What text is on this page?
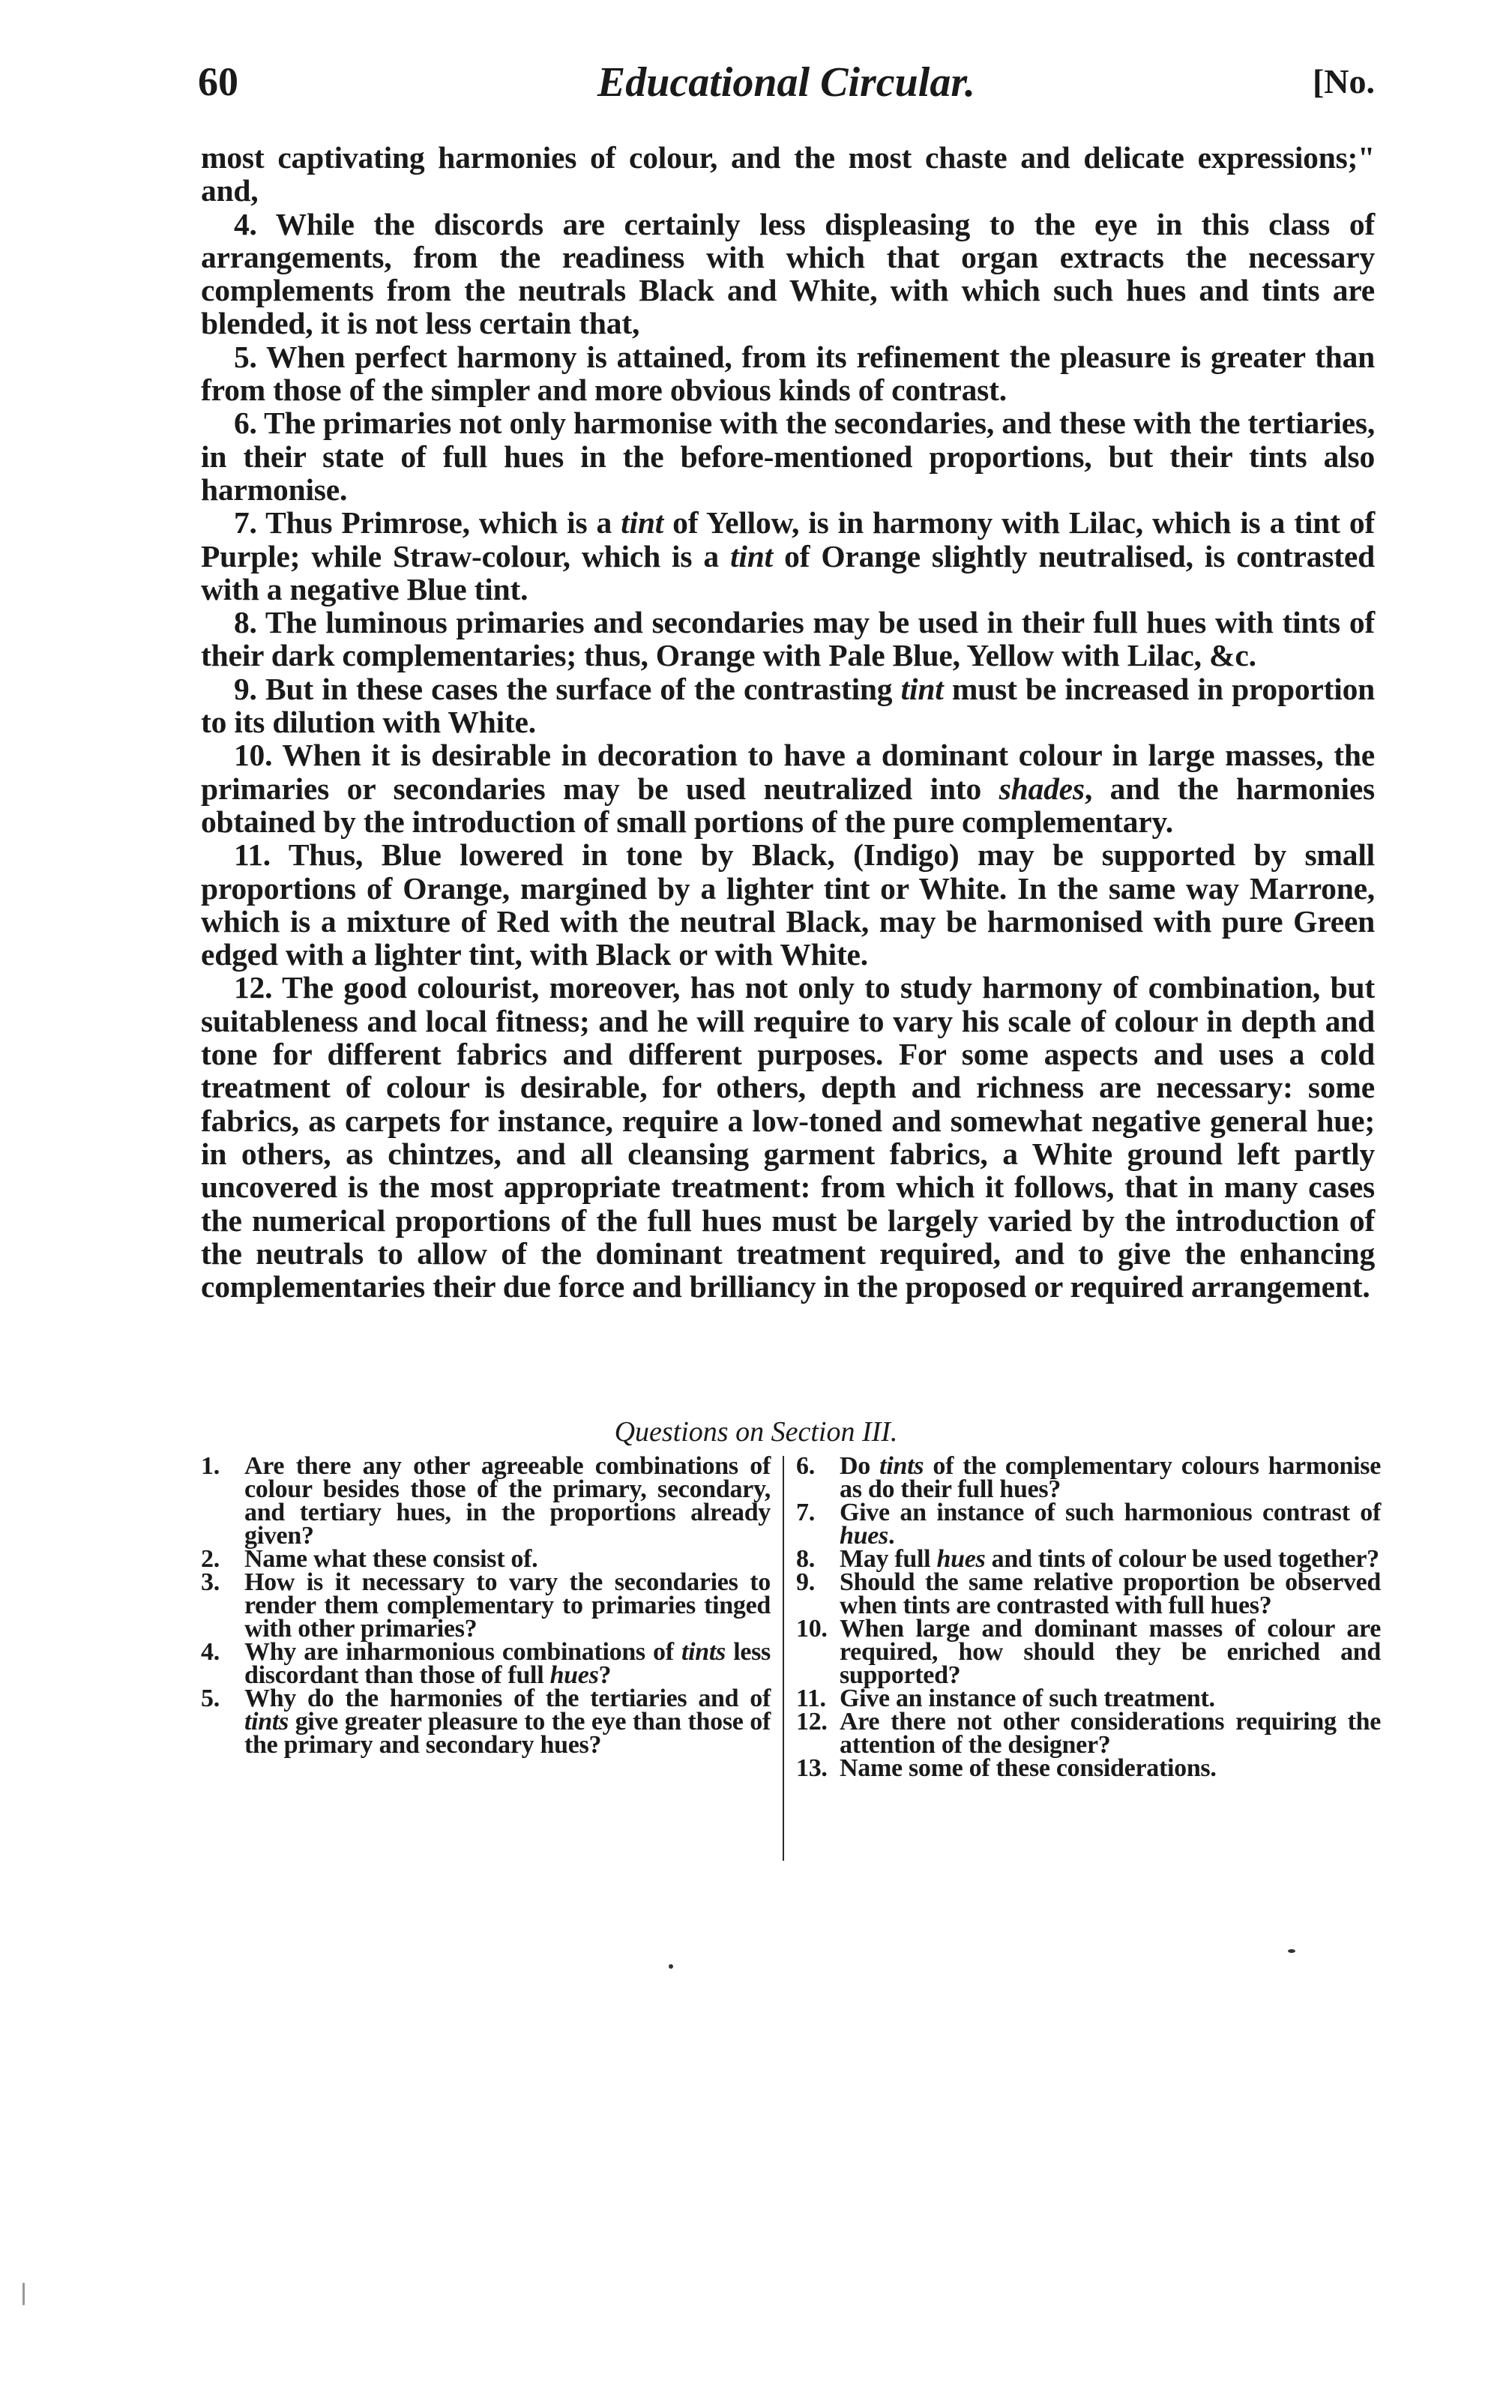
60	Educational Circular.	[No.

most captivating harmonies of colour, and the most chaste and delicate expressions;" and,

4. While the discords are certainly less displeasing to the eye in this class of arrangements, from the readiness with which that organ extracts the necessary complements from the neutrals Black and White, with which such hues and tints are blended, it is not less certain that,

5. When perfect harmony is attained, from its refinement the pleasure is greater than from those of the simpler and more obvious kinds of contrast.

6. The primaries not only harmonise with the secondaries, and these with the tertiaries, in their state of full hues in the before-mentioned proportions, but their tints also harmonise.

7. Thus Primrose, which is a tint of Yellow, is in harmony with Lilac, which is a tint of Purple; while Straw-colour, which is a tint of Orange slightly neutralised, is contrasted with a negative Blue tint.

8. The luminous primaries and secondaries may be used in their full hues with tints of their dark complementaries; thus, Orange with Pale Blue, Yellow with Lilac, &c.

9. But in these cases the surface of the contrasting tint must be increased in proportion to its dilution with White.

10. When it is desirable in decoration to have a dominant colour in large masses, the primaries or secondaries may be used neutralized into shades, and the harmonies obtained by the introduction of small portions of the pure complementary.

11. Thus, Blue lowered in tone by Black, (Indigo) may be supported by small proportions of Orange, margined by a lighter tint or White. In the same way Marrone, which is a mixture of Red with the neutral Black, may be harmonised with pure Green edged with a lighter tint, with Black or with White.

12. The good colourist, moreover, has not only to study harmony of combination, but suitableness and local fitness; and he will require to vary his scale of colour in depth and tone for different fabrics and different purposes. For some aspects and uses a cold treatment of colour is desirable, for others, depth and richness are necessary: some fabrics, as carpets for instance, require a low-toned and somewhat negative general hue; in others, as chintzes, and all cleansing garment fabrics, a White ground left partly uncovered is the most appropriate treatment: from which it follows, that in many cases the numerical proportions of the full hues must be largely varied by the introduction of the neutrals to allow of the dominant treatment required, and to give the enhancing complementaries their due force and brilliancy in the proposed or required arrangement.

Questions on Section III.
1. Are there any other agreeable combinations of colour besides those of the primary, secondary, and tertiary hues, in the proportions already given?
2. Name what these consist of.
3. How is it necessary to vary the secondaries to render them complementary to primaries tinged with other primaries?
4. Why are inharmonious combinations of tints less discordant than those of full hues?
5. Why do the harmonies of the tertiaries and of tints give greater pleasure to the eye than those of the primary and secondary hues?
6. Do tints of the complementary colours harmonise as do their full hues?
7. Give an instance of such harmonious contrast of hues.
8. May full hues and tints of colour be used together?
9. Should the same relative proportion be observed when tints are contrasted with full hues?
10. When large and dominant masses of colour are required, how should they be enriched and supported?
11. Give an instance of such treatment.
12. Are there not other considerations requiring the attention of the designer?
13. Name some of these considerations.
